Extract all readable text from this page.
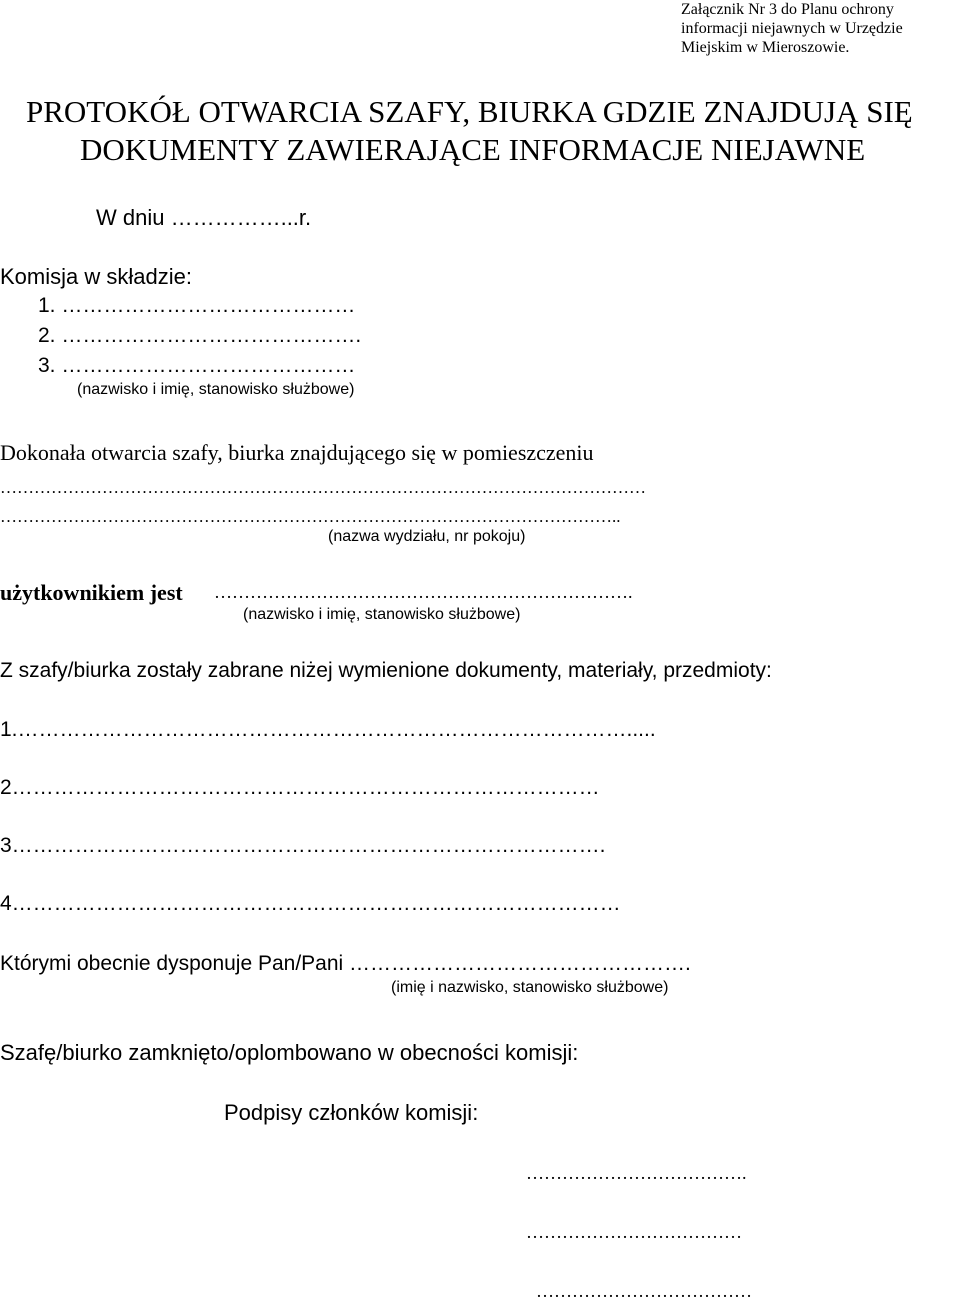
Załącznik Nr 3 do Planu ochrony
informacji niejawnych w Urzędzie
Miejskim w Mieroszowie.
PROTOKÓŁ OTWARCIA SZAFY, BIURKA GDZIE ZNAJDUJĄ SIĘ
DOKUMENTY ZAWIERAJĄCE INFORMACJE NIEJAWNE
W dniu ……………...r.
Komisja w składzie:
1. ……………………………………
2. …………………………………….
3. ……………………………………
(nazwisko i imię, stanowisko służbowe)
Dokonała otwarcia szafy, biurka znajdującego się w pomieszczeniu
……………………………………………………………………………………………………
………………………………………………………………………………………………..
(nazwa wydziału, nr pokoju)
użytkownikiem jest …………………………………………………………….
(nazwisko i imię, stanowisko służbowe)
Z szafy/biurka zostały zabrane niżej wymienione dokumenty, materiały, przedmioty:
1.…………………………………………………………………………….....
2…………………………………………………………………………
3………………………………………………………………………….
4……………………………………………………………………………
Którymi obecnie dysponuje Pan/Pani ………………………………………….
(imię i nazwisko, stanowisko służbowe)
Szafę/biurko zamknięto/oplombowano w obecności komisji:
Podpisy członków komisji:
……………………………….
………………………………
………………………………
